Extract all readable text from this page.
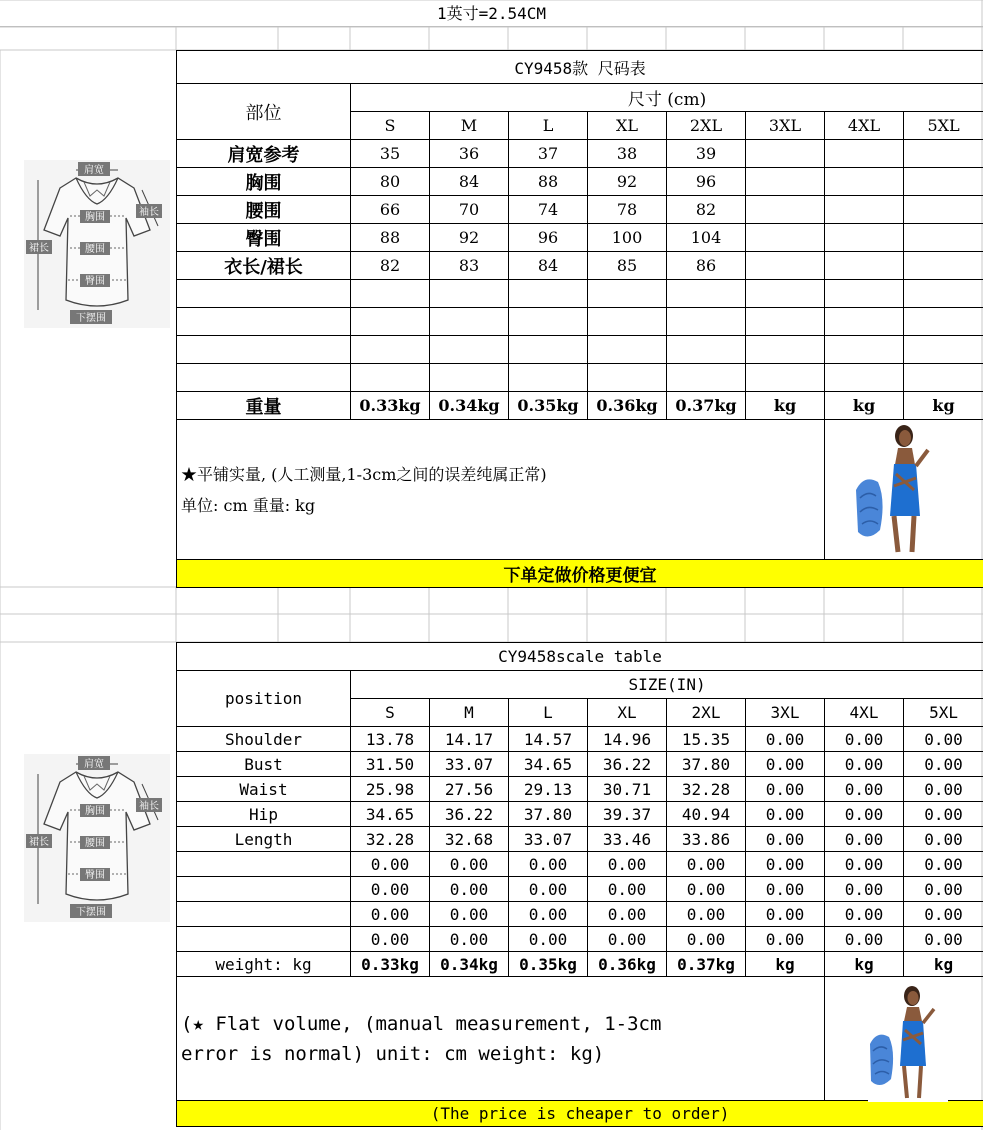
1英寸=2.54CM
CY9458款 尺码表								
部位	尺寸 (cm)							
	S	M	L	XL	2XL	3XL	4XL	5XL
肩宽参考	35	36	37	38	39			
胸围	80	84	88	92	96			
腰围	66	70	74	78	82			
臀围	88	92	96	100	104			
衣长/裙长	82	83	84	85	86			

重量	0.33kg	0.34kg	0.35kg	0.36kg	0.37kg	kg	kg	kg

★平铺实量, (人工测量,1-3cm之间的误差纯属正常)
单位: cm 重量: kg								

下单定做价格更便宜								
CY9458scale table								
position	SIZE(IN)							
	S	M	L	XL	2XL	3XL	4XL	5XL
Shoulder	13.78	14.17	14.57	14.96	15.35	0.00	0.00	0.00
Bust	31.50	33.07	34.65	36.22	37.80	0.00	0.00	0.00
Waist	25.98	27.56	29.13	30.71	32.28	0.00	0.00	0.00
Hip	34.65	36.22	37.80	39.37	40.94	0.00	0.00	0.00
Length	32.28	32.68	33.07	33.46	33.86	0.00	0.00	0.00
	0.00	0.00	0.00	0.00	0.00	0.00	0.00	0.00
	0.00	0.00	0.00	0.00	0.00	0.00	0.00	0.00
	0.00	0.00	0.00	0.00	0.00	0.00	0.00	0.00
	0.00	0.00	0.00	0.00	0.00	0.00	0.00	0.00
weight: kg	0.33kg	0.34kg	0.35kg	0.36kg	0.37kg	kg	kg	kg

(★ Flat volume, (manual measurement, 1-3cm
error is normal) unit: cm weight: kg)								

(The price is cheaper to order)								
肩宽
袖长
裙长
胸围
腰围
臀围
下摆围
肩宽
袖长
裙长
胸围
腰围
臀围
下摆围
